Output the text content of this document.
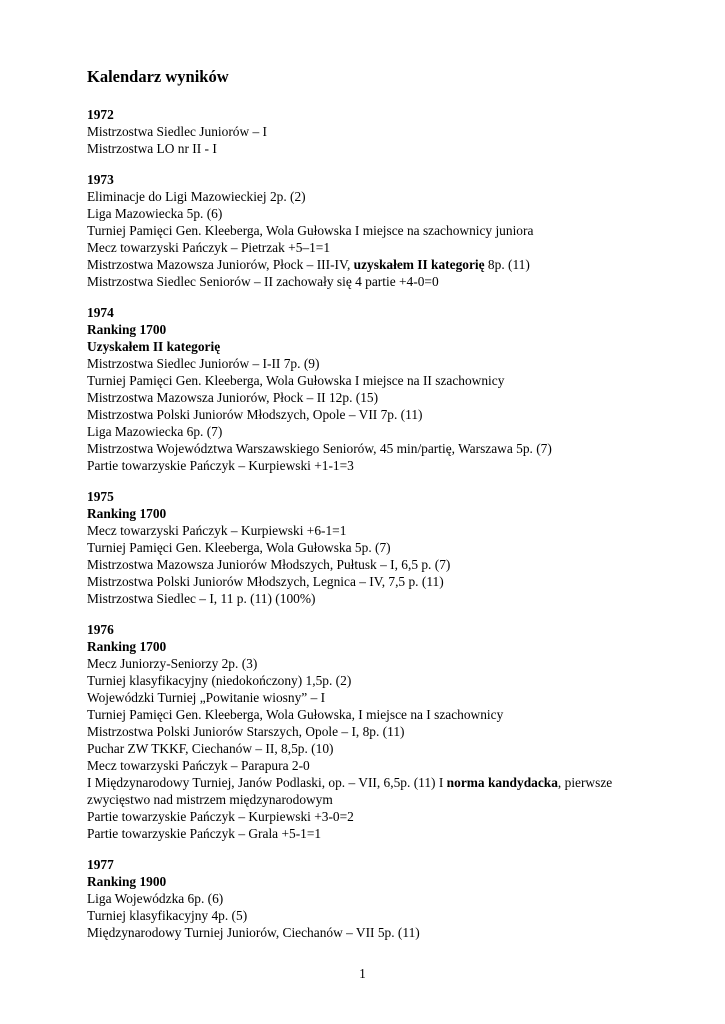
Kalendarz wyników
1972
Mistrzostwa Siedlec Juniorów – I
Mistrzostwa LO nr II - I
1973
Eliminacje do Ligi Mazowieckiej 2p. (2)
Liga Mazowiecka 5p. (6)
Turniej Pamięci Gen. Kleeberga, Wola Gułowska I miejsce na szachownicy juniora
Mecz towarzyski Pańczyk – Pietrzak +5–1=1
Mistrzostwa Mazowsza Juniorów, Płock – III-IV, uzyskałem II kategorię 8p. (11)
Mistrzostwa Siedlec Seniorów – II zachowały się 4 partie +4-0=0
1974
Ranking 1700
Uzyskałem II kategorię
Mistrzostwa Siedlec Juniorów – I-II 7p. (9)
Turniej Pamięci Gen. Kleeberga, Wola Gułowska I miejsce na II szachownicy
Mistrzostwa Mazowsza Juniorów, Płock – II 12p. (15)
Mistrzostwa Polski Juniorów Młodszych, Opole – VII 7p. (11)
Liga Mazowiecka 6p. (7)
Mistrzostwa Województwa Warszawskiego Seniorów, 45 min/partię, Warszawa 5p. (7)
Partie towarzyskie Pańczyk – Kurpiewski +1-1=3
1975
Ranking 1700
Mecz towarzyski Pańczyk – Kurpiewski +6-1=1
Turniej Pamięci Gen. Kleeberga, Wola Gułowska 5p. (7)
Mistrzostwa Mazowsza Juniorów Młodszych, Pułtusk – I, 6,5 p. (7)
Mistrzostwa Polski Juniorów Młodszych, Legnica – IV, 7,5 p. (11)
Mistrzostwa Siedlec – I, 11 p. (11) (100%)
1976
Ranking 1700
Mecz Juniorzy-Seniorzy 2p. (3)
Turniej klasyfikacyjny (niedokończony) 1,5p. (2)
Wojewódzki Turniej „Powitanie wiosny” – I
Turniej Pamięci Gen. Kleeberga, Wola Gułowska, I miejsce na I szachownicy
Mistrzostwa Polski Juniorów Starszych, Opole – I, 8p. (11)
Puchar ZW TKKF, Ciechanów – II, 8,5p. (10)
Mecz towarzyski Pańczyk – Parapura 2-0
I Międzynarodowy Turniej, Janów Podlaski, op. – VII, 6,5p. (11) I norma kandydacka, pierwsze
zwycięstwo nad mistrzem międzynarodowym
Partie towarzyskie Pańczyk – Kurpiewski +3-0=2
Partie towarzyskie Pańczyk – Grala +5-1=1
1977
Ranking 1900
Liga Wojewódzka 6p. (6)
Turniej klasyfikacyjny 4p. (5)
Międzynarodowy Turniej Juniorów, Ciechanów – VII 5p. (11)
1
